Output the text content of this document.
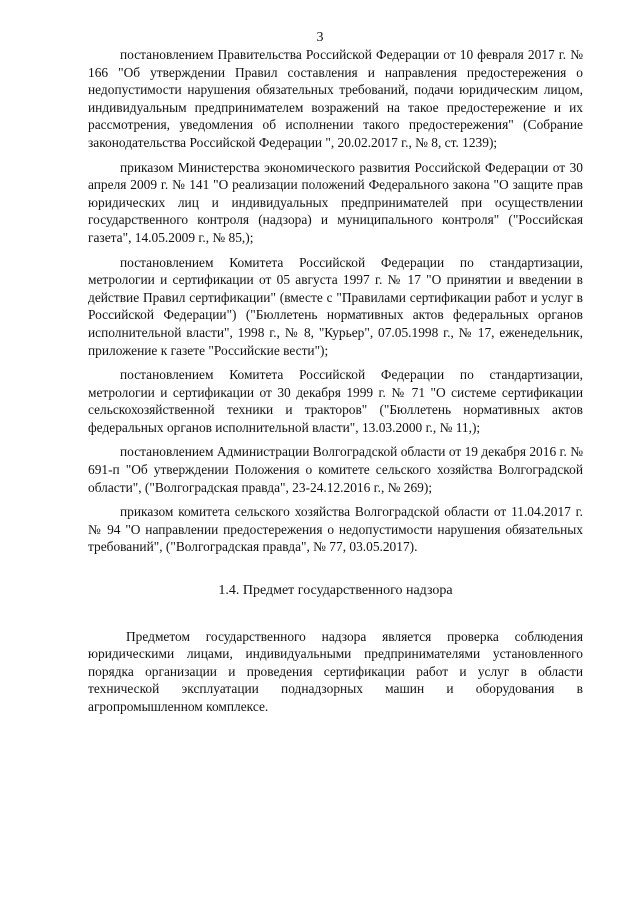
3

постановлением Правительства Российской Федерации от 10 февраля 2017 г. № 166 "Об утверждении Правил составления и направления предостережения о недопустимости нарушения обязательных требований, подачи юридическим лицом, индивидуальным предпринимателем возражений на такое предостережение и их рассмотрения, уведомления об исполнении такого предостережения" (Собрание законодательства Российской Федерации ", 20.02.2017 г., № 8, ст. 1239);

приказом Министерства экономического развития Российской Федерации от 30 апреля 2009 г. № 141 "О реализации положений Федерального закона "О защите прав юридических лиц и индивидуальных предпринимателей при осуществлении государственного контроля (надзора) и муниципального контроля" ("Российская газета", 14.05.2009 г., № 85,);

постановлением Комитета Российской Федерации по стандартизации, метрологии и сертификации от 05 августа 1997 г. № 17 "О принятии и введении в действие Правил сертификации" (вместе с "Правилами сертификации работ и услуг в Российской Федерации") ("Бюллетень нормативных актов федеральных органов исполнительной власти", 1998 г., № 8, "Курьер", 07.05.1998 г., № 17, еженедельник, приложение к газете "Российские вести");

постановлением Комитета Российской Федерации по стандартизации, метрологии и сертификации от 30 декабря 1999 г. № 71 "О системе сертификации сельскохозяйственной техники и тракторов" ("Бюллетень нормативных актов федеральных органов исполнительной власти", 13.03.2000 г., № 11,);

постановлением Администрации Волгоградской области от 19 декабря 2016 г. № 691-п "Об утверждении Положения о комитете сельского хозяйства Волгоградской области", ("Волгоградская правда", 23-24.12.2016 г., № 269);

приказом комитета сельского хозяйства Волгоградской области от 11.04.2017 г. № 94 "О направлении предостережения о недопустимости нарушения обязательных требований", ("Волгоградская правда", № 77, 03.05.2017).

1.4. Предмет государственного надзора

Предметом государственного надзора является проверка соблюдения юридическими лицами, индивидуальными предпринимателями установленного порядка организации и проведения сертификации работ и услуг в области технической эксплуатации поднадзорных машин и оборудования в агропромышленном комплексе.
